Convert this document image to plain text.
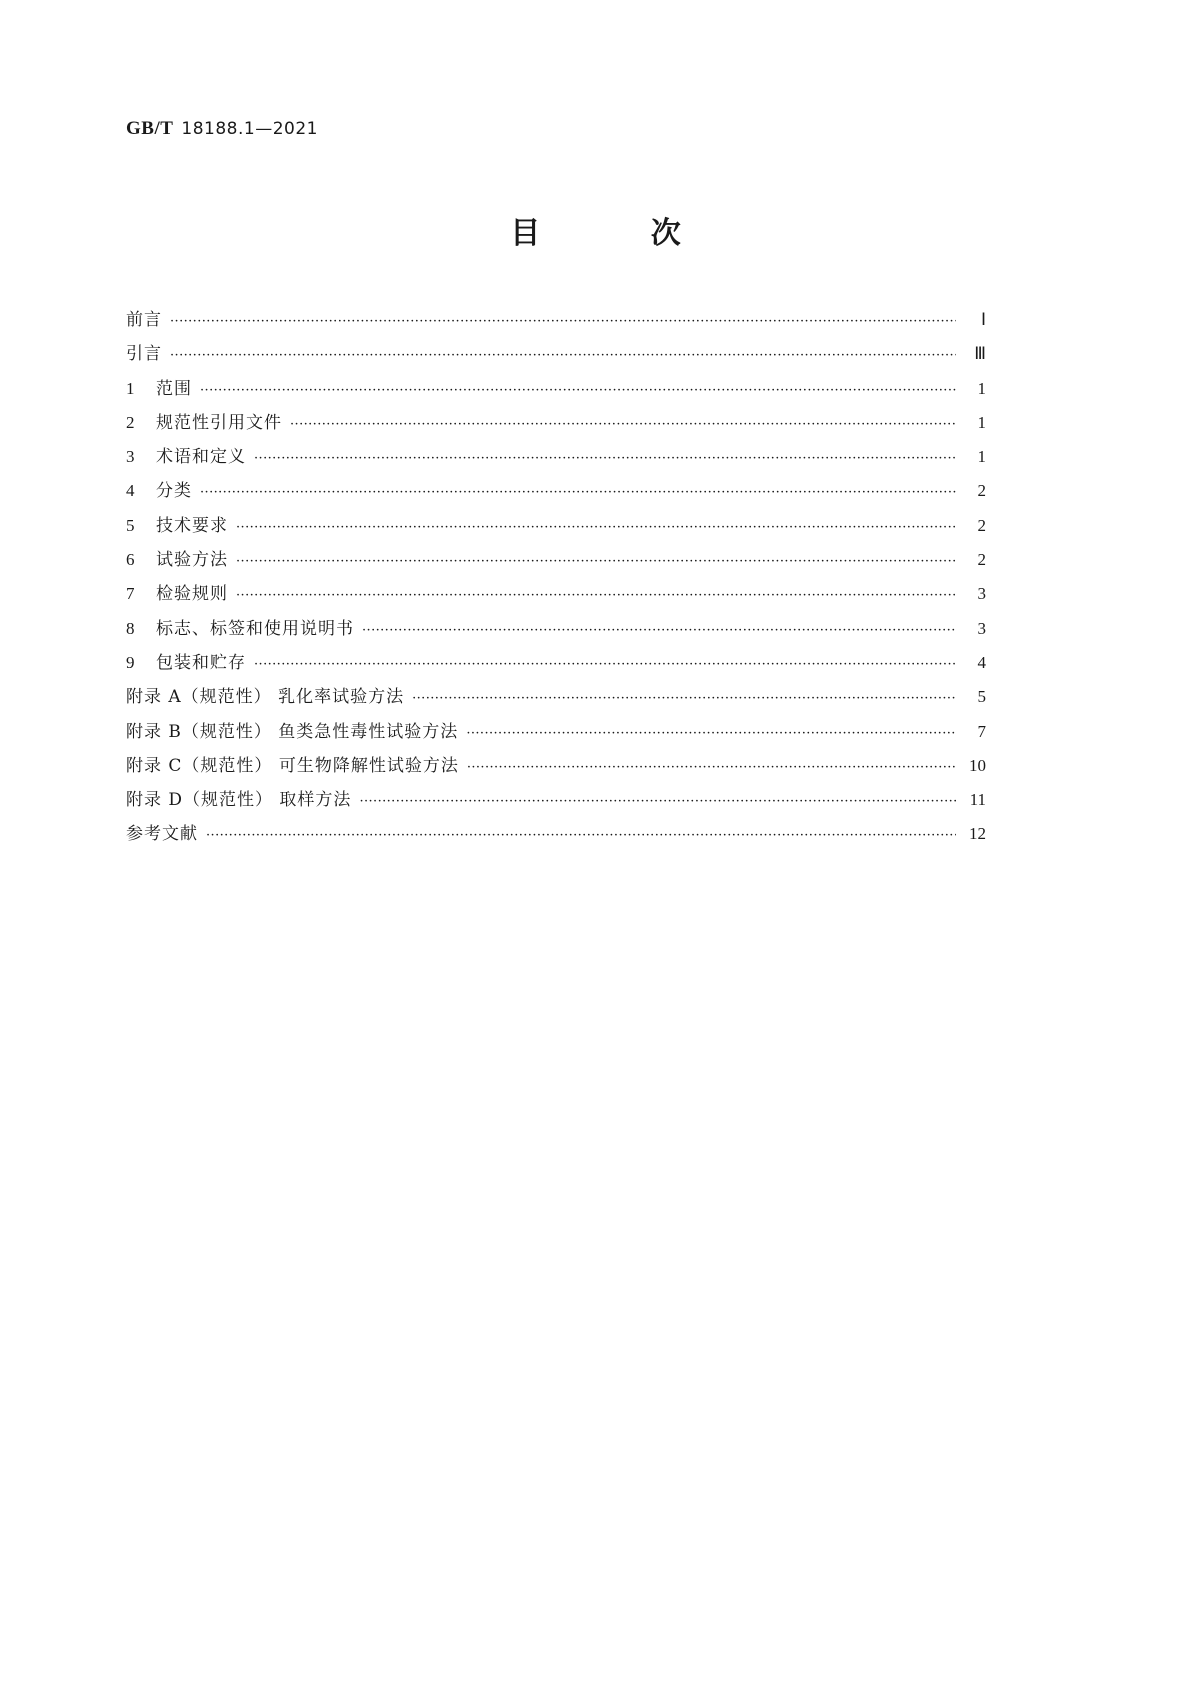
GB/T 18188.1—2021
目 次
前言 ·····	Ⅰ
引言 ·····	Ⅲ
1	范围 ·····	1
2	规范性引用文件 ·····	1
3	术语和定义 ·····	1
4	分类 ·····	2
5	技术要求 ·····	2
6	试验方法 ·····	2
7	检验规则 ·····	3
8	标志、标签和使用说明书 ·····	3
9	包装和贮存 ·····	4
附录 A（规范性） 乳化率试验方法 ·····	5
附录 B（规范性） 鱼类急性毒性试验方法 ·····	7
附录 C（规范性） 可生物降解性试验方法 ·····	10
附录 D（规范性） 取样方法 ·····	11
参考文献 ·····	12
